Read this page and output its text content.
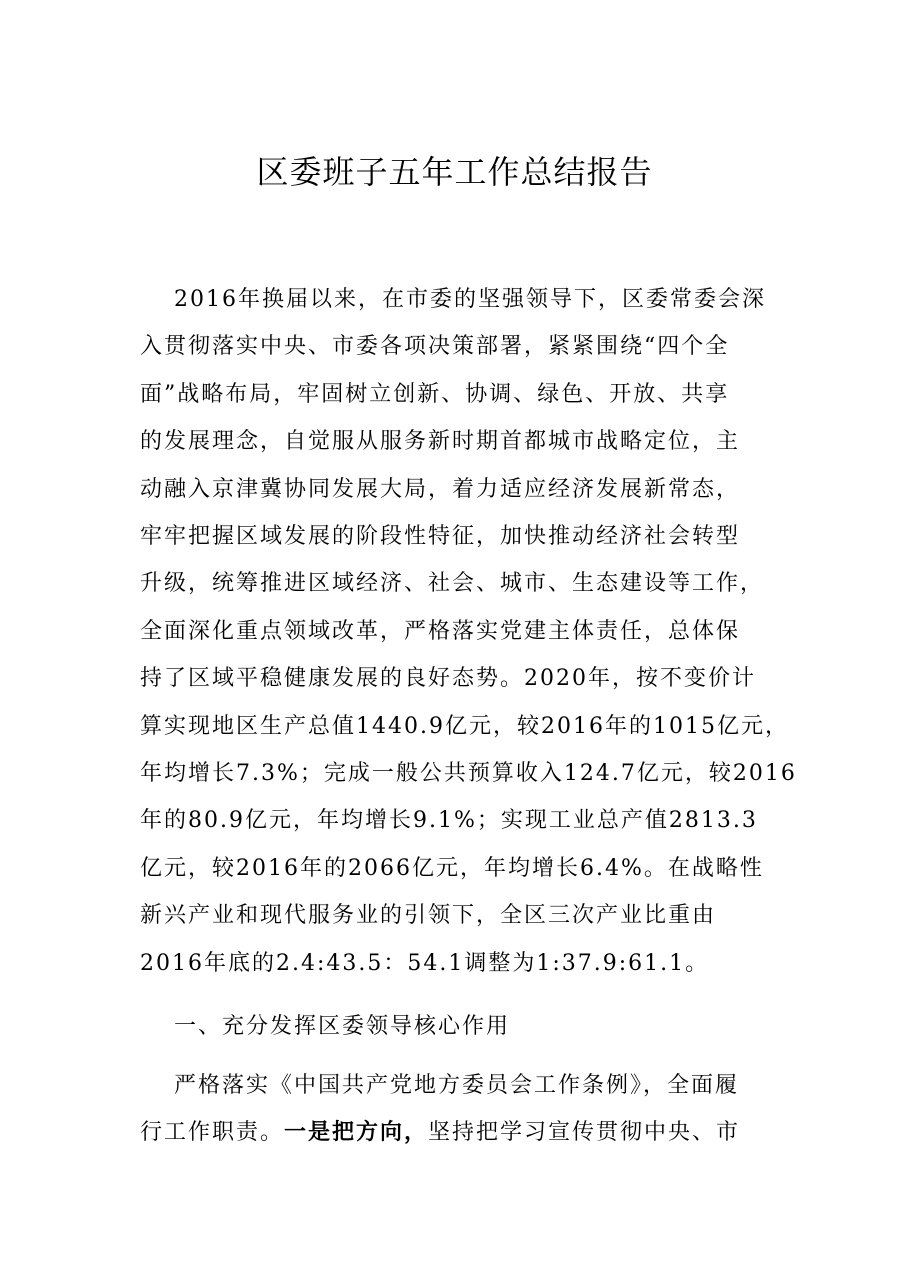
区委班子五年工作总结报告
2016年换届以来，在市委的坚强领导下，区委常委会深
入贯彻落实中央、市委各项决策部署，紧紧围绕“四个全
面”战略布局，牢固树立创新、协调、绿色、开放、共享
的发展理念，自觉服从服务新时期首都城市战略定位，主
动融入京津冀协同发展大局，着力适应经济发展新常态，
牢牢把握区域发展的阶段性特征，加快推动经济社会转型
升级，统筹推进区域经济、社会、城市、生态建设等工作，
全面深化重点领域改革，严格落实党建主体责任，总体保
持了区域平稳健康发展的良好态势。2020年，按不变价计
算实现地区生产总值1440.9亿元，较2016年的1015亿元，
年均增长7.3%；完成一般公共预算收入124.7亿元，较2016
年的80.9亿元，年均增长9.1%；实现工业总产值2813.3
亿元，较2016年的2066亿元，年均增长6.4%。在战略性
新兴产业和现代服务业的引领下，全区三次产业比重由
2016年底的2.4:43.5：54.1调整为1:37.9:61.1。
一、充分发挥区委领导核心作用
严格落实《中国共产党地方委员会工作条例》，全面履
行工作职责。一是把方向，坚持把学习宣传贯彻中央、市
